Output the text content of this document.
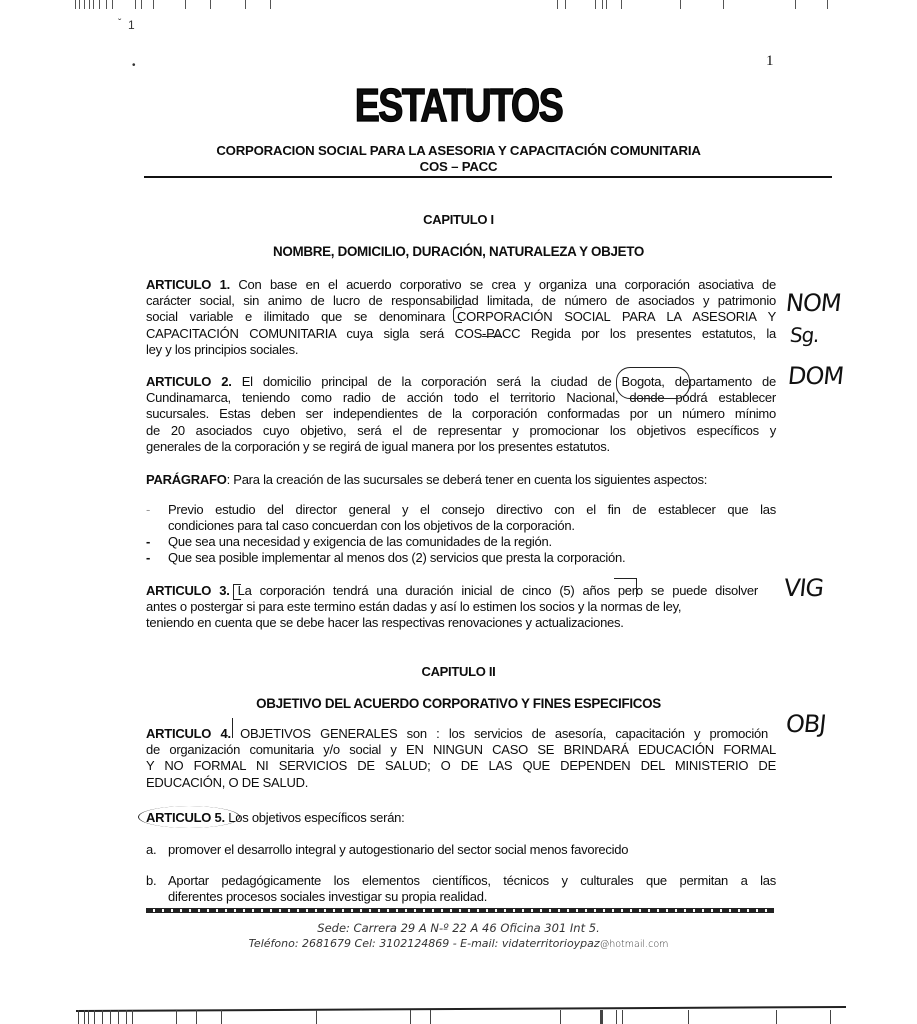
1
ˇ
•	1
ESTATUTOS
CORPORACION SOCIAL PARA LA ASESORIA Y CAPACITACIÓN COMUNITARIA
COS – PACC
CAPITULO I
NOMBRE, DOMICILIO, DURACIÓN, NATURALEZA Y OBJETO
ARTICULO 1. Con base en el acuerdo corporativo se crea y organiza una corporación asociativa de
carácter social, sin animo de lucro de responsabilidad limitada, de número de asociados y patrimonio
social variable e ilimitado que se denominara CORPORACIÓN SOCIAL PARA LA ASESORIA Y
CAPACITACIÓN COMUNITARIA cuya sigla será COS-PACC Regida por los presentes estatutos, la
ley y los principios sociales.
ARTICULO 2. El domicilio principal de la corporación será la ciudad de Bogota, departamento de
Cundinamarca, teniendo como radio de acción todo el territorio Nacional, donde podrá establecer
sucursales. Estas deben ser independientes de la corporación conformadas por un número mínimo
de 20 asociados cuyo objetivo, será el de representar y promocionar los objetivos específicos y
generales de la corporación y se regirá de igual manera por los presentes estatutos.
PARÁGRAFO: Para la creación de las sucursales se deberá tener en cuenta los siguientes aspectos:
- Previo estudio del director general y el consejo directivo con el fin de establecer que las
condiciones para tal caso concuerdan con los objetivos de la corporación.
- Que sea una necesidad y exigencia de las comunidades de la región.
- Que sea posible implementar al menos dos (2) servicios que presta la corporación.
ARTICULO 3. La corporación tendrá una duración inicial de cinco (5) años pero se puede disolver
antes o postergar si para este termino están dadas y así lo estimen los socios y la normas de ley,
teniendo en cuenta que se debe hacer las respectivas renovaciones y actualizaciones.
CAPITULO II
OBJETIVO DEL ACUERDO CORPORATIVO Y FINES ESPECIFICOS
ARTICULO 4. OBJETIVOS GENERALES son : los servicios de asesoría, capacitación y promoción
de organización comunitaria y/o social y EN NINGUN CASO SE BRINDARÁ EDUCACIÓN FORMAL
Y NO FORMAL NI SERVICIOS DE SALUD; O DE LAS QUE DEPENDEN DEL MINISTERIO DE
EDUCACIÓN, O DE SALUD.
ARTICULO 5. Los objetivos específicos serán:
a. promover el desarrollo integral y autogestionario del sector social menos favorecido
b. Aportar pedagógicamente los elementos científicos, técnicos y culturales que permitan a las
diferentes procesos sociales investigar su propia realidad.
NOM
Sg.
DOM
VIG
OBJ
Sede: Carrera 29 A N-º 22 A 46 Oficina 301 Int 5.
Teléfono: 2681679 Cel: 3102124869 - E-mail: vidaterritorioypaz@hotmail.com
